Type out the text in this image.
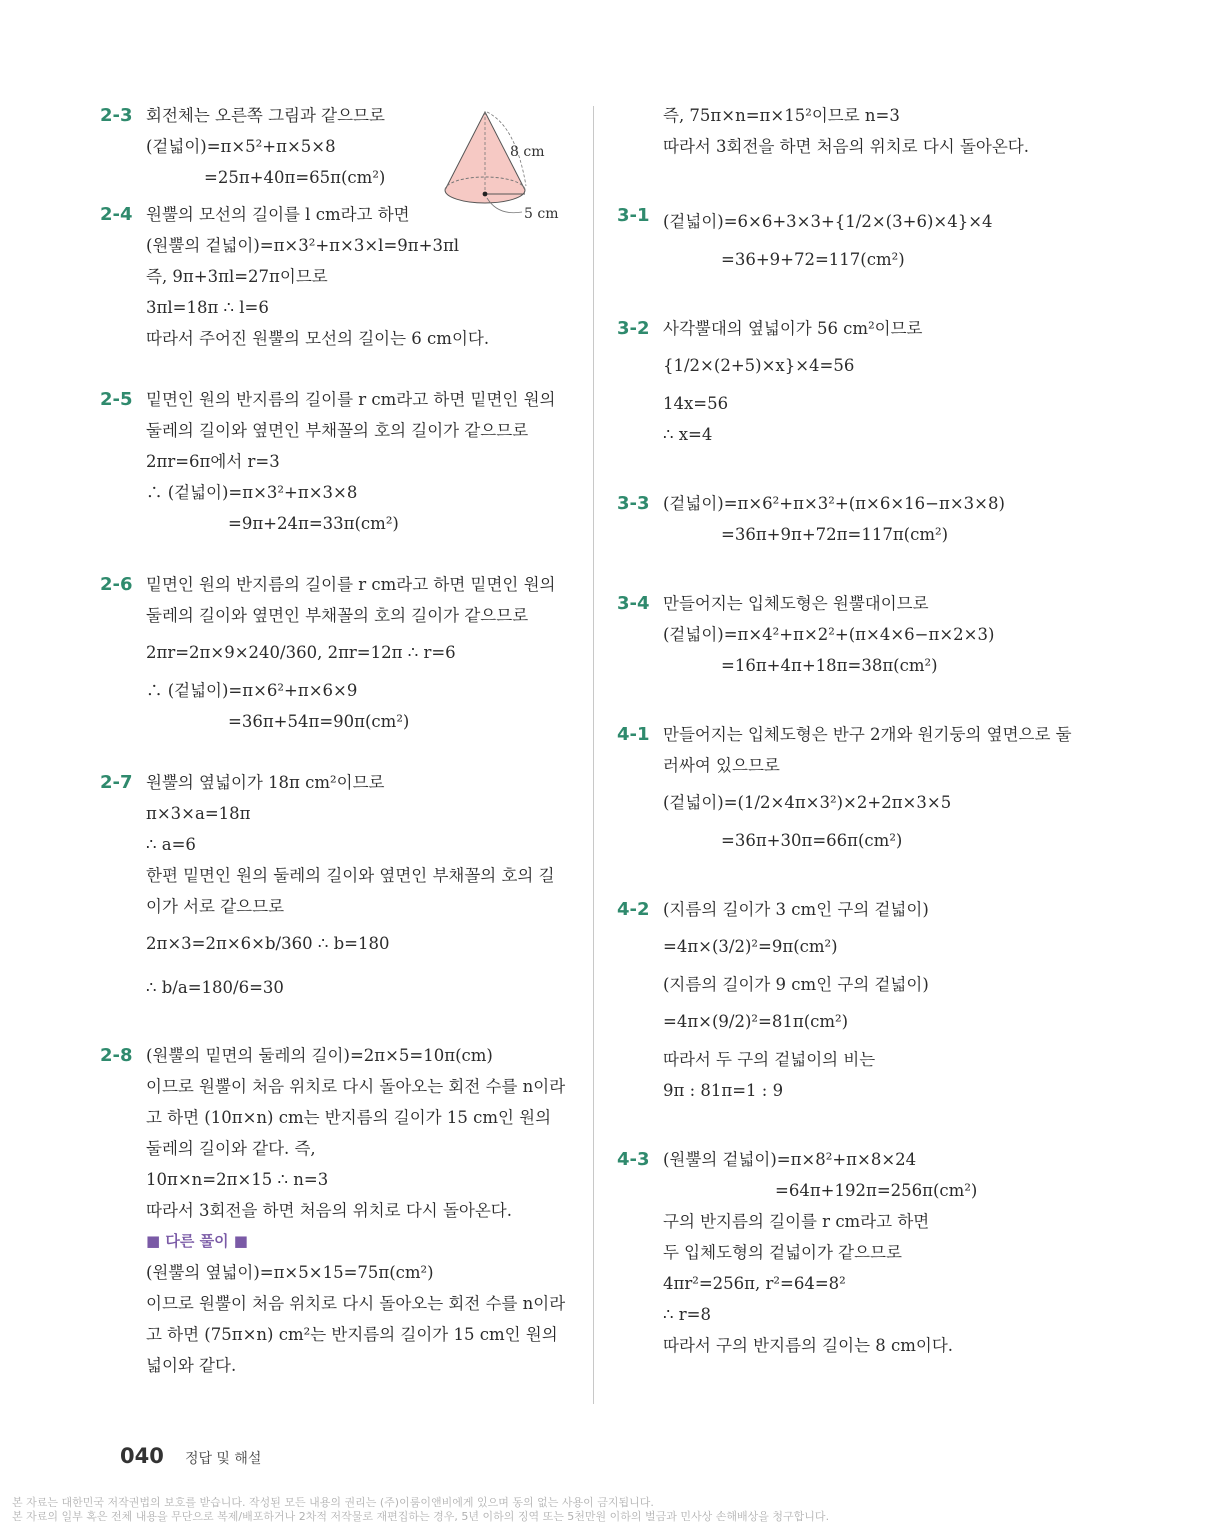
2-3 회전체는 오른쪽 그림과 같으므로
(겉넓이)=π×5²+π×5×8
=25π+40π=65π(cm²)
2-4 원뿔의 모선의 길이를 l cm라고 하면
(원뿔의 겉넓이)=π×3²+π×3×l=9π+3πl
즉, 9π+3πl=27π이므로
3πl=18π ∴ l=6
따라서 주어진 원뿔의 모선의 길이는 6 cm이다.
2-5 밑면인 원의 반지름의 길이를 r cm라고 하면 밑면인 원의
둘레의 길이와 옆면인 부채꼴의 호의 길이가 같으므로
2πr=6π에서 r=3
∴ (겉넓이)=π×3²+π×3×8
=9π+24π=33π(cm²)
2-6 밑면인 원의 반지름의 길이를 r cm라고 하면 밑면인 원의
둘레의 길이와 옆면인 부채꼴의 호의 길이가 같으므로
2πr=2π×9×240/360, 2πr=12π ∴ r=6
∴ (겉넓이)=π×6²+π×6×9
=36π+54π=90π(cm²)
2-7 원뿔의 옆넓이가 18π cm²이므로
π×3×a=18π
∴ a=6
한편 밑면인 원의 둘레의 길이와 옆면인 부채꼴의 호의 길
이가 서로 같으므로
2π×3=2π×6×b/360 ∴ b=180
∴ b/a=180/6=30
2-8 (원뿔의 밑면의 둘레의 길이)=2π×5=10π(cm)
이므로 원뿔이 처음 위치로 다시 돌아오는 회전 수를 n이라
고 하면 (10π×n) cm는 반지름의 길이가 15 cm인 원의
둘레의 길이와 같다. 즉,
10π×n=2π×15 ∴ n=3
따라서 3회전을 하면 처음의 위치로 다시 돌아온다.
■ 다른 풀이 ■
(원뿔의 옆넓이)=π×5×15=75π(cm²)
이므로 원뿔이 처음 위치로 다시 돌아오는 회전 수를 n이라
고 하면 (75π×n) cm²는 반지름의 길이가 15 cm인 원의
넓이와 같다.
즉, 75π×n=π×15²이므로 n=3
따라서 3회전을 하면 처음의 위치로 다시 돌아온다.
3-1 (겉넓이)=6×6+3×3+{1/2×(3+6)×4}×4
=36+9+72=117(cm²)
3-2 사각뿔대의 옆넓이가 56 cm²이므로
{1/2×(2+5)×x}×4=56
14x=56
∴ x=4
3-3 (겉넓이)=π×6²+π×3²+(π×6×16−π×3×8)
=36π+9π+72π=117π(cm²)
3-4 만들어지는 입체도형은 원뿔대이므로
(겉넓이)=π×4²+π×2²+(π×4×6−π×2×3)
=16π+4π+18π=38π(cm²)
4-1 만들어지는 입체도형은 반구 2개와 원기둥의 옆면으로 둘
러싸여 있으므로
(겉넓이)=(1/2×4π×3²)×2+2π×3×5
=36π+30π=66π(cm²)
4-2 (지름의 길이가 3 cm인 구의 겉넓이)
=4π×(3/2)²=9π(cm²)
(지름의 길이가 9 cm인 구의 겉넓이)
=4π×(9/2)²=81π(cm²)
따라서 두 구의 겉넓이의 비는
9π : 81π=1 : 9
4-3 (원뿔의 겉넓이)=π×8²+π×8×24
=64π+192π=256π(cm²)
구의 반지름의 길이를 r cm라고 하면
두 입체도형의 겉넓이가 같으므로
4πr²=256π, r²=64=8²
∴ r=8
따라서 구의 반지름의 길이는 8 cm이다.
8 cm
5 cm
040 정답 및 해설
본 자료는 대한민국 저작권법의 보호를 받습니다. 작성된 모든 내용의 권리는 (주)이룸이앤비에게 있으며 동의 없는 사용이 금지됩니다.
본 자료의 일부 혹은 전체 내용을 무단으로 복제/배포하거나 2차적 저작물로 재편집하는 경우, 5년 이하의 징역 또는 5천만원 이하의 벌금과 민사상 손해배상을 청구합니다.
